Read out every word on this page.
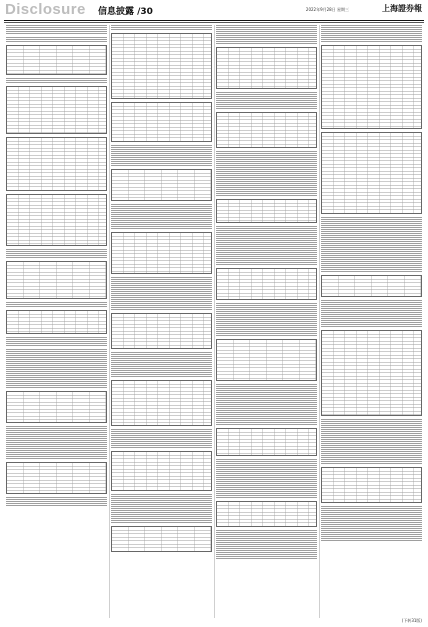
Disclosure 信息披露 /30	2022年9月28日 星期三	上海證券報
(下转31版)
